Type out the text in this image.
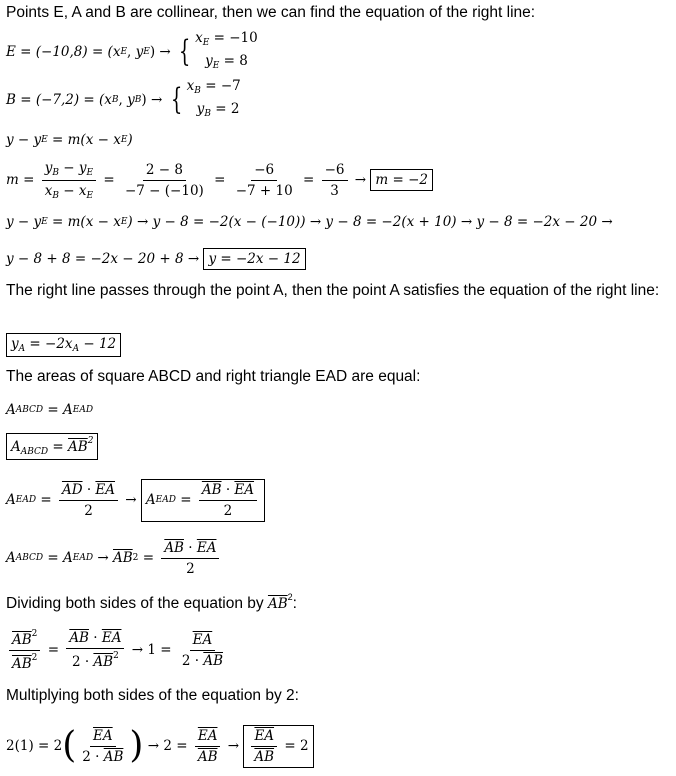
Points E, A and B are collinear, then we can find the equation of the right line:
E = (−10,8) = ( x E , y E ) → { $x_E = -10$
$y_E = 8$
B = (−7,2) = ( x B , y B ) → { $x_B = -7$
$y_B = 2$
y − y E = m(x − x E )
$m = \frac{y_B - y_E}{x_B - x_E} = \frac{2 - 8}{-7 - (-10)} = \frac{-6}{-7 + 10} = \frac{-6}{3} \to m = -2$
y − y E = m(x − x E ) → y − 8 = −2(x − (−10)) → y − 8 = −2(x + 10) → y − 8 = −2x − 20 →
y − 8 + 8 = −2x − 20 + 8 → y = −2x − 12
The right line passes through the point A, then the point A satisfies the equation of the right line:
$y_A = -2x_A - 12$
The areas of square ABCD and right triangle EAD are equal:
A ABCD = A EAD
$A_{ABCD} = \overline{AB}^2$
A EAD = $\frac{\overline{AD} \cdot \overline{EA}}{2} \to A$ EAD = $\frac{\overline{AB} \cdot \overline{EA}}{2}$
A ABCD = A EAD → $\overline{AB}$ $2 = \frac{\overline{AB} \cdot \overline{EA}}{2}$
Dividing both sides of the equation by $\overline{AB}^2$:
$\frac{\overline{AB}^2}{\overline{AB}^2} = \frac{\overline{AB} \cdot \overline{EA}}{2 \cdot \overline{AB}^2} \to 1 = \frac{\overline{EA}}{2 \cdot \overline{AB}}$
Multiplying both sides of the equation by 2:
2(1) = 2 ( $\frac{\overline{EA}}{2 \cdot \overline{AB}}$ ) → $2 = \frac{\overline{EA}}{AB} \to \frac{\overline{EA}}{AB} = 2$
